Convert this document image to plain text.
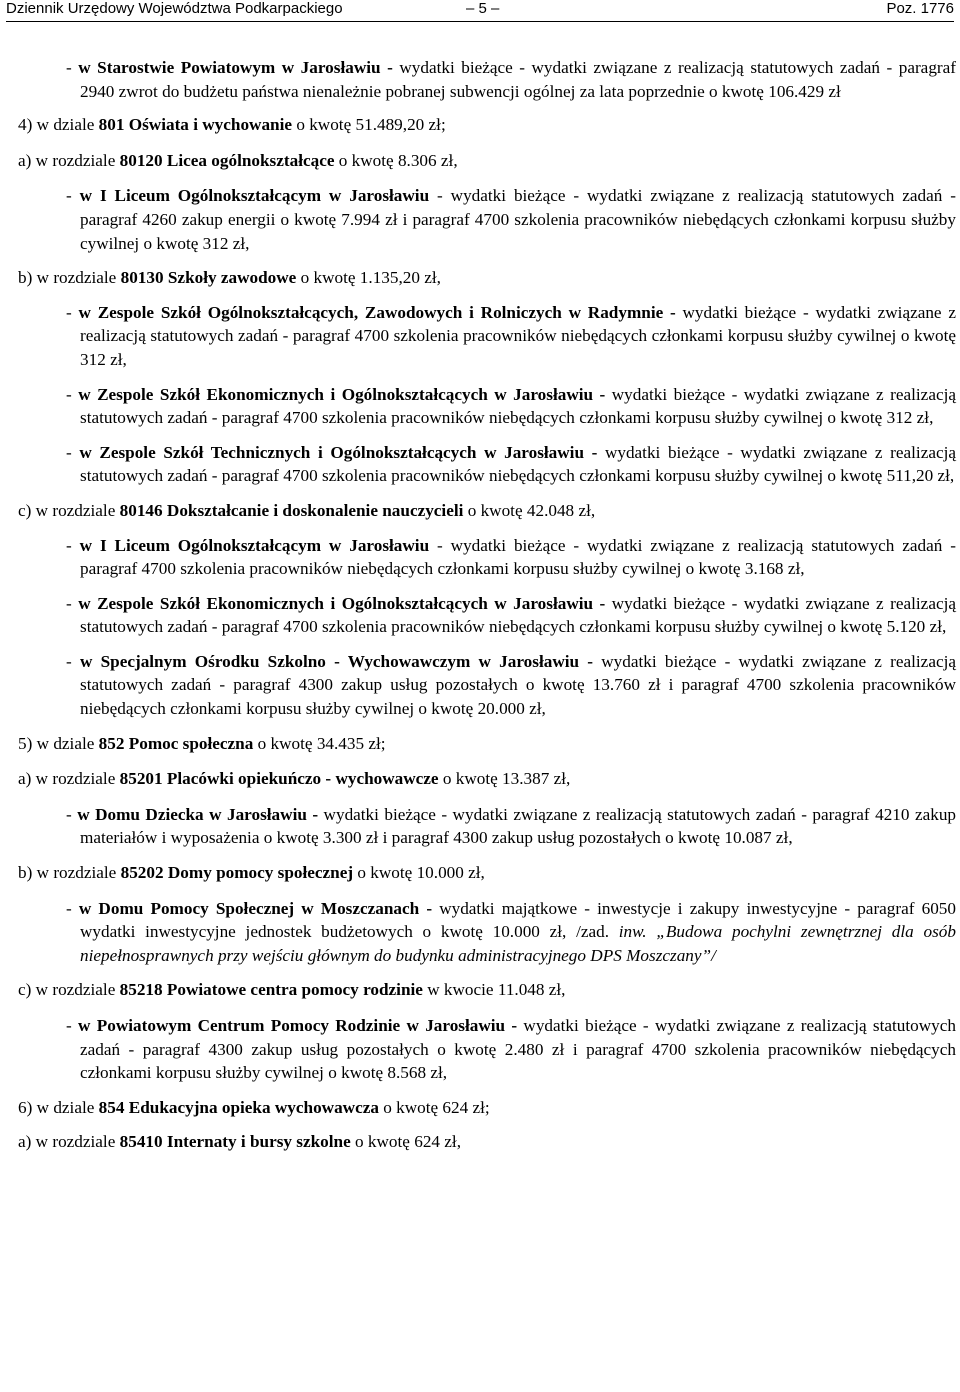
Dziennik Urzędowy Województwa Podkarpackiego	– 5 –	Poz. 1776
- w Starostwie Powiatowym w Jarosławiu - wydatki bieżące - wydatki związane z realizacją statutowych zadań - paragraf 2940 zwrot do budżetu państwa nienależnie pobranej subwencji ogólnej za lata poprzednie o kwotę 106.429 zł
4) w dziale 801 Oświata i wychowanie o kwotę 51.489,20 zł;
a) w rozdziale 80120 Licea ogólnokształcące o kwotę 8.306 zł,
- w I Liceum Ogólnokształcącym w Jarosławiu - wydatki bieżące - wydatki związane z realizacją statutowych zadań - paragraf 4260 zakup energii o kwotę 7.994 zł i paragraf 4700 szkolenia pracowników niebędących członkami korpusu służby cywilnej o kwotę 312 zł,
b) w rozdziale 80130 Szkoły zawodowe o kwotę 1.135,20 zł,
- w Zespole Szkół Ogólnokształcących, Zawodowych i Rolniczych w Radymnie - wydatki bieżące - wydatki związane z realizacją statutowych zadań - paragraf 4700 szkolenia pracowników niebędących członkami korpusu służby cywilnej o kwotę 312 zł,
- w Zespole Szkół Ekonomicznych i Ogólnokształcących w Jarosławiu - wydatki bieżące - wydatki związane z realizacją statutowych zadań - paragraf 4700 szkolenia pracowników niebędących członkami korpusu służby cywilnej o kwotę 312 zł,
- w Zespole Szkół Technicznych i Ogólnokształcących w Jarosławiu - wydatki bieżące - wydatki związane z realizacją statutowych zadań - paragraf 4700 szkolenia pracowników niebędących członkami korpusu służby cywilnej o kwotę 511,20 zł,
c) w rozdziale 80146 Dokształcanie i doskonalenie nauczycieli o kwotę 42.048 zł,
- w I Liceum Ogólnokształcącym w Jarosławiu - wydatki bieżące - wydatki związane z realizacją statutowych zadań - paragraf 4700 szkolenia pracowników niebędących członkami korpusu służby cywilnej o kwotę 3.168 zł,
- w Zespole Szkół Ekonomicznych i Ogólnokształcących w Jarosławiu - wydatki bieżące - wydatki związane z realizacją statutowych zadań - paragraf 4700 szkolenia pracowników niebędących członkami korpusu służby cywilnej o kwotę 5.120 zł,
- w Specjalnym Ośrodku Szkolno - Wychowawczym w Jarosławiu - wydatki bieżące - wydatki związane z realizacją statutowych zadań - paragraf 4300 zakup usług pozostałych o kwotę 13.760 zł i paragraf 4700 szkolenia pracowników niebędących członkami korpusu służby cywilnej o kwotę 20.000 zł,
5) w dziale 852 Pomoc społeczna o kwotę 34.435 zł;
a) w rozdziale 85201 Placówki opiekuńczo - wychowawcze o kwotę 13.387 zł,
- w Domu Dziecka w Jarosławiu - wydatki bieżące - wydatki związane z realizacją statutowych zadań - paragraf 4210 zakup materiałów i wyposażenia o kwotę 3.300 zł i paragraf 4300 zakup usług pozostałych o kwotę 10.087 zł,
b) w rozdziale 85202 Domy pomocy społecznej o kwotę 10.000 zł,
- w Domu Pomocy Społecznej w Moszczanach - wydatki majątkowe - inwestycje i zakupy inwestycyjne - paragraf 6050 wydatki inwestycyjne jednostek budżetowych o kwotę 10.000 zł, /zad. inw. „Budowa pochylni zewnętrznej dla osób niepełnosprawnych przy wejściu głównym do budynku administracyjnego DPS Moszczany”/
c) w rozdziale 85218 Powiatowe centra pomocy rodzinie w kwocie 11.048 zł,
- w Powiatowym Centrum Pomocy Rodzinie w Jarosławiu - wydatki bieżące - wydatki związane z realizacją statutowych zadań - paragraf 4300 zakup usług pozostałych o kwotę 2.480 zł i paragraf 4700 szkolenia pracowników niebędących członkami korpusu służby cywilnej o kwotę 8.568 zł,
6) w dziale 854 Edukacyjna opieka wychowawcza o kwotę 624 zł;
a) w rozdziale 85410 Internaty i bursy szkolne o kwotę 624 zł,
